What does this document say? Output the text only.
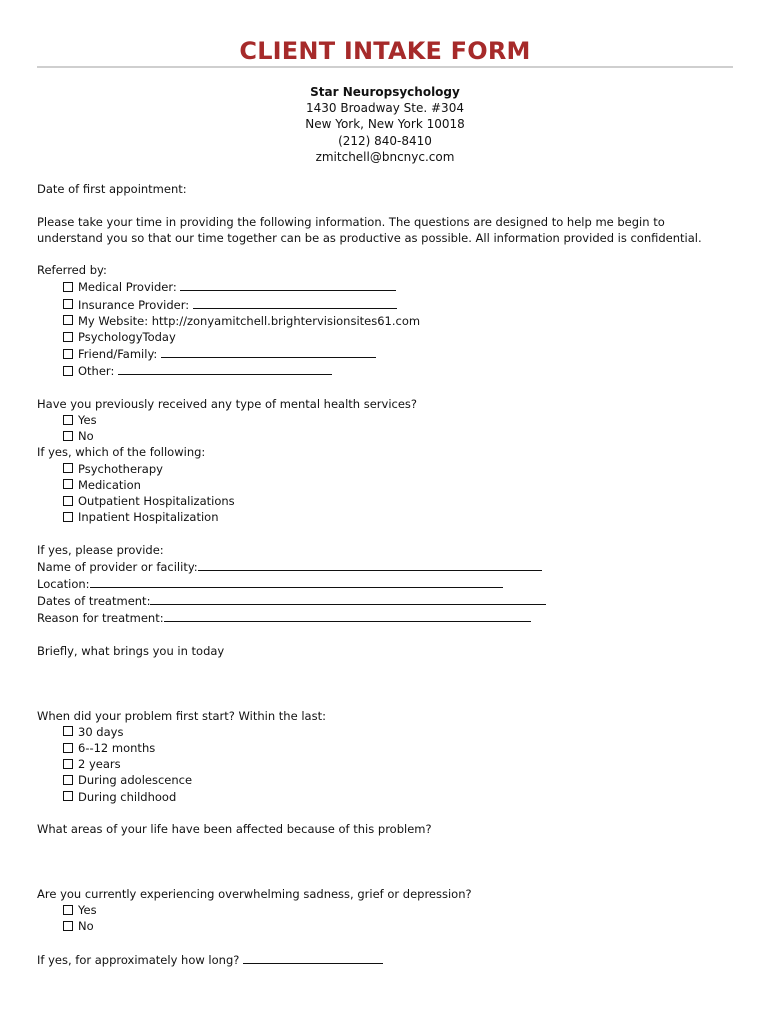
CLIENT INTAKE FORM
Star Neuropsychology
1430 Broadway Ste. #304
New York, New York 10018
(212) 840-8410
zmitchell@bncnyc.com
Date of first appointment:
Please take your time in providing the following information. The questions are designed to help me begin to
understand you so that our time together can be as productive as possible. All information provided is confidential.
Referred by:
Medical Provider:
Insurance Provider:
My Website: http://zonyamitchell.brightervisionsites61.com
PsychologyToday
Friend/Family:
Other:
Have you previously received any type of mental health services?
Yes
No
If yes, which of the following:
Psychotherapy
Medication
Outpatient Hospitalizations
Inpatient Hospitalization
If yes, please provide:
Name of provider or facility:
Location:
Dates of treatment:
Reason for treatment:
Briefly, what brings you in today
When did your problem first start? Within the last:
30 days
6--12 months
2 years
During adolescence
During childhood
What areas of your life have been affected because of this problem?
Are you currently experiencing overwhelming sadness, grief or depression?
Yes
No
If yes, for approximately how long?
